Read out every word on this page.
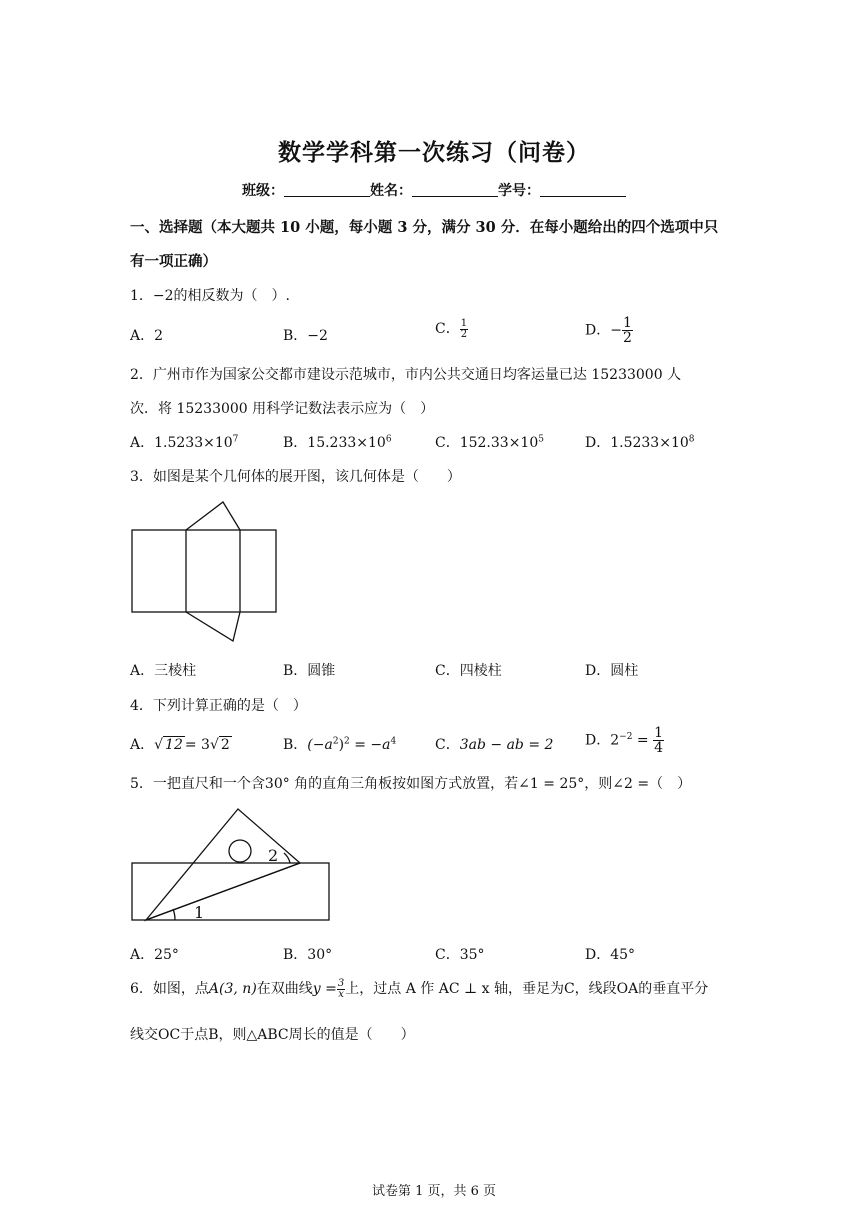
数学学科第一次练习（问卷）
班级：	姓名：	学号：
一、选择题（本大题共 10 小题，每小题 3 分，满分 30 分．在每小题给出的四个选项中只
有一项正确）
1．−2的相反数为（　）.
A．2	B．−2	C． $\frac{1}{2}$	D．− $\frac{1}{2}$
2．广州市作为国家公交都市建设示范城市，市内公共交通日均客运量已达 15233000 人
次．将 15233000 用科学记数法表示应为（　）
A．$1.5233\times 10^7$	B．$15.233\times 10^6$	C．$152.33\times 10^5$	D．$1.5233\times 10^8$
3．如图是某个几何体的展开图，该几何体是（　　）
A．三棱柱	B．圆锥	C．四棱柱	D．圆柱
4．下列计算正确的是（　）
A．√ 12 = 3√ 2	B．$(-a^2)^2 = -a^4$	C．3ab − ab = 2 D．$2^{-2} = \frac{1}{4}$
5．一把直尺和一个含30° 角的直角三角板按如图方式放置，若∠1 = 25°，则∠2 =（　）
1
2
A．25°	B．30°	C．35°	D．45°
6．如图，点A(3, n)在双曲线$y = \frac{3}{x}$ 上，过点 A 作 AC ⊥ x 轴，垂足为C，线段OA的垂直平分
线交OC于点B，则△ABC周长的值是（　　）
试卷第 1 页，共 6 页
